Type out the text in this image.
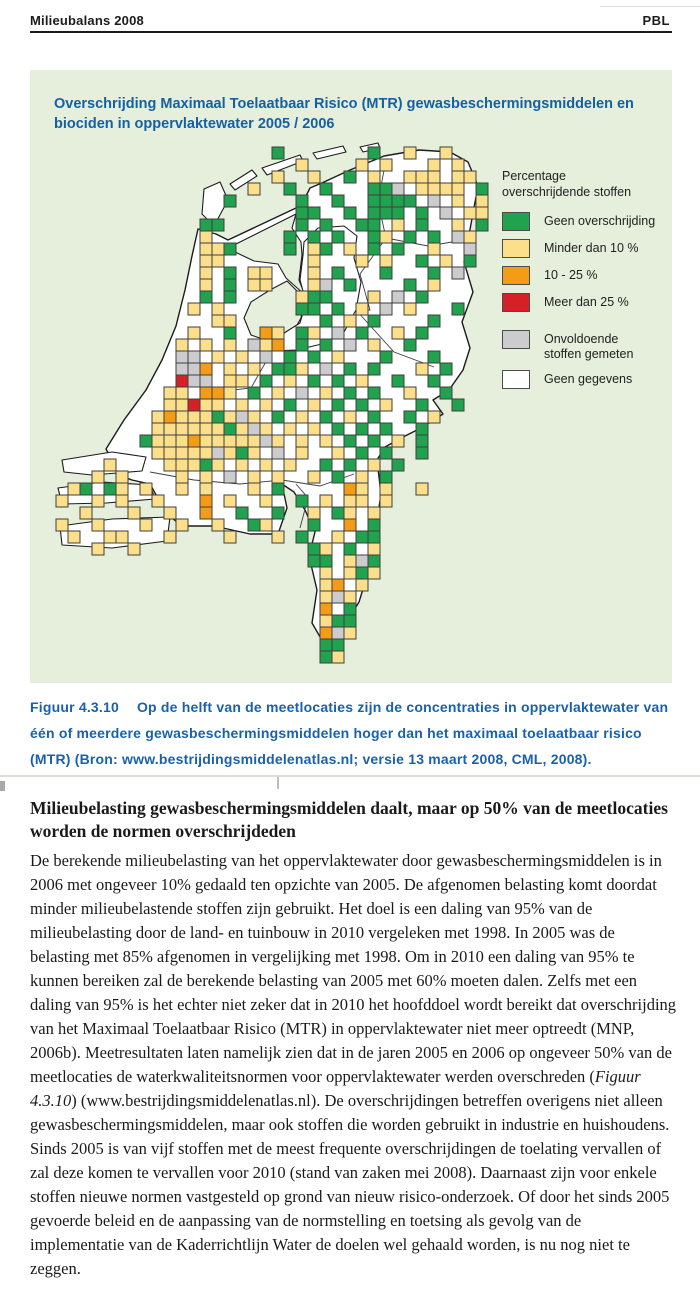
Milieubalans 2008	PBL
Overschrijding Maximaal Toelaatbaar Risico (MTR) gewasbeschermingsmiddelen en biociden in oppervlaktewater 2005 / 2006
Percentage overschrijdende stoffen
Geen overschrijding
Minder dan 10 %
10 - 25 %
Meer dan 25 %
Onvoldoende stoffen gemeten
Geen gegevens
Figuur 4.3.10 Op de helft van de meetlocaties zijn de concentraties in oppervlaktewater van één of meerdere gewasbeschermingsmiddelen hoger dan het maximaal toelaatbaar risico (MTR) (Bron: www.bestrijdingsmiddelenatlas.nl; versie 13 maart 2008, CML, 2008).
Milieubelasting gewasbeschermingsmiddelen daalt, maar op 50% van de meetlocaties worden de normen overschrijdeden

De berekende milieubelasting van het oppervlaktewater door gewasbeschermingsmiddelen is in 2006 met ongeveer 10% gedaald ten opzichte van 2005. De afgenomen belasting komt doordat minder milieubelastende stoffen zijn gebruikt. Het doel is een daling van 95% van de milieubelasting door de land- en tuinbouw in 2010 vergeleken met 1998. In 2005 was de belasting met 85% afgenomen in vergelijking met 1998. Om in 2010 een daling van 95% te kunnen bereiken zal de berekende belasting van 2005 met 60% moeten dalen. Zelfs met een daling van 95% is het echter niet zeker dat in 2010 het hoofddoel wordt bereikt dat overschrijding van het Maximaal Toelaatbaar Risico (MTR) in oppervlaktewater niet meer optreedt (MNP, 2006b). Meetresultaten laten namelijk zien dat in de jaren 2005 en 2006 op ongeveer 50% van de meetlocaties de waterkwaliteitsnormen voor oppervlaktewater werden overschreden (Figuur 4.3.10) (www.bestrijdingsmiddelenatlas.nl). De overschrijdingen betreffen overigens niet alleen gewasbeschermingsmiddelen, maar ook stoffen die worden gebruikt in industrie en huishoudens. Sinds 2005 is van vijf stoffen met de meest frequente overschrijdingen de toelating vervallen of zal deze komen te vervallen voor 2010 (stand van zaken mei 2008). Daarnaast zijn voor enkele stoffen nieuwe normen vastgesteld op grond van nieuw risico-onderzoek. Of door het sinds 2005 gevoerde beleid en de aanpassing van de normstelling en toetsing als gevolg van de implementatie van de Kaderrichtlijn Water de doelen wel gehaald worden, is nu nog niet te zeggen.
